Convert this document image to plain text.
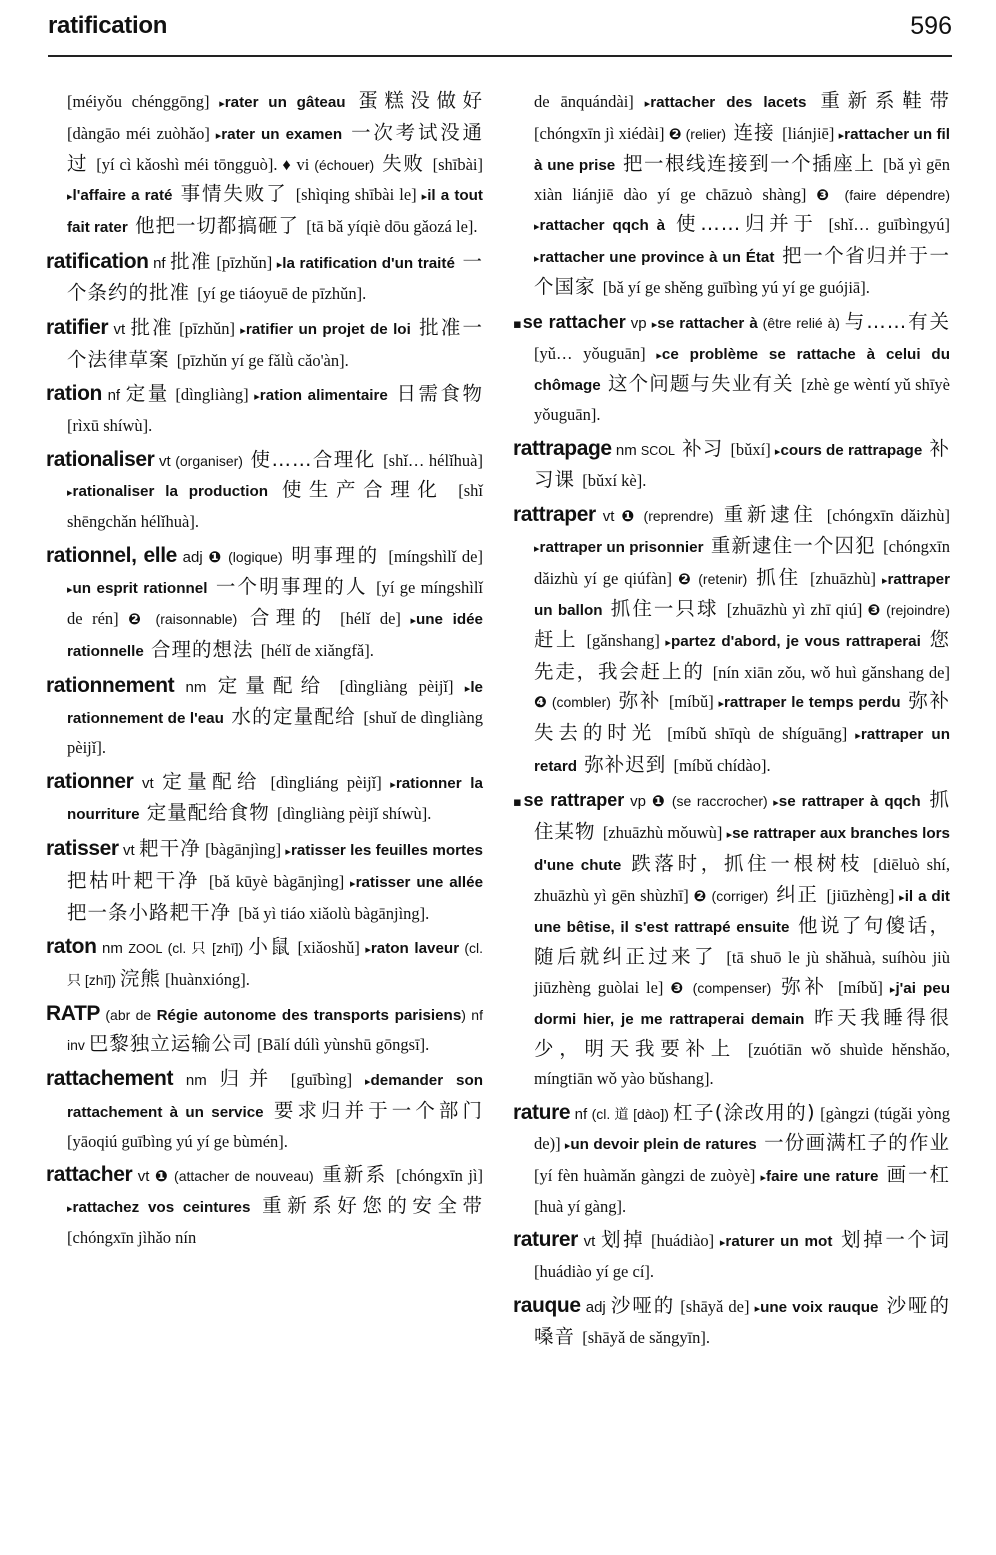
ratification	596

[méiyǒu chénggōng] ▸rater un gâteau 蛋糕没做好 [dàngāo méi zuòhǎo] ▸rater un examen 一次考试没通过 [yí cì kǎoshì méi tōngguò]. ♦ vi (échouer) 失败 [shībài] ▸l'affaire a raté 事情失败了 [shìqing shībài le] ▸il a tout fait rater 他把一切都搞砸了 [tā bǎ yíqiè dōu gǎozá le].

ratification nf 批准 [pīzhǔn] ▸la ratification d'un traité 一个条约的批准 [yí ge tiáoyuē de pīzhǔn].

ratifier vt 批准 [pīzhǔn] ▸ratifier un projet de loi 批准一个法律草案 [pīzhǔn yí ge fǎlǜ cǎo'àn].

ration nf 定量 [dìngliàng] ▸ration alimentaire 日需食物 [rìxū shíwù].

rationaliser vt (organiser) 使……合理化 [shǐ… hélǐhuà] ▸rationaliser la production 使生产合理化 [shǐ shēngchǎn hélǐhuà].

rationnel, elle adj ❶ (logique) 明事理的 [míngshìlǐ de] ▸un esprit rationnel 一个明事理的人 [yí ge míngshìlǐ de rén] ❷ (raisonnable) 合理的 [hélǐ de] ▸une idée rationnelle 合理的想法 [hélǐ de xiǎngfǎ].

rationnement nm 定量配给 [dìngliàng pèijǐ] ▸le rationnement de l'eau 水的定量配给 [shuǐ de dìngliàng pèijǐ].

rationner vt 定量配给 [dìngliáng pèijǐ] ▸rationner la nourriture 定量配给食物 [dìngliàng pèijǐ shíwù].

ratisser vt 耙干净 [bàgānjìng] ▸ratisser les feuilles mortes 把枯叶耙干净 [bǎ kūyè bàgānjìng] ▸ratisser une allée 把一条小路耙干净 [bǎ yì tiáo xiǎolù bàgānjìng].

raton nm ZOOL (cl. 只 [zhī]) 小鼠 [xiǎoshǔ] ▸raton laveur (cl. 只 [zhī]) 浣熊 [huànxióng].

RATP (abr de Régie autonome des transports parisiens) nf inv 巴黎独立运输公司 [Bālí dúlì yùnshū gōngsī].

rattachement nm 归并 [guībìng] ▸demander son rattachement à un service 要求归并于一个部门 [yāoqiú guībìng yú yí ge bùmén].

rattacher vt ❶ (attacher de nouveau) 重新系 [chóngxīn jì] ▸rattachez vos ceintures 重新系好您的安全带 [chóngxīn jìhǎo nín

de ānquándài] ▸rattacher des lacets 重新系鞋带 [chóngxīn jì xiédài] ❷ (relier) 连接 [liánjiē] ▸rattacher un fil à une prise 把一根线连接到一个插座上 [bǎ yì gēn xiàn liánjiē dào yí ge chāzuò shàng] ❸ (faire dépendre) ▸rattacher qqch à 使……归并于 [shǐ… guībìngyú] ▸rattacher une province à un État 把一个省归并于一个国家 [bǎ yí ge shěng guībìng yú yí ge guójiā].

▪se rattacher vp ▸se rattacher à (être relié à) 与……有关 [yǔ… yǒuguān] ▸ce problème se rattache à celui du chômage 这个问题与失业有关 [zhè ge wèntí yǔ shīyè yǒuguān].

rattrapage nm SCOL 补习 [bǔxí] ▸cours de rattrapage 补习课 [bǔxí kè].

rattraper vt ❶ (reprendre) 重新逮住 [chóngxīn dǎizhù] ▸rattraper un prisonnier 重新逮住一个囚犯 [chóngxīn dǎizhù yí ge qiúfàn] ❷ (retenir) 抓住 [zhuāzhù] ▸rattraper un ballon 抓住一只球 [zhuāzhù yì zhī qiú] ❸ (rejoindre) 赶上 [gǎnshang] ▸partez d'abord, je vous rattraperai 您先走，我会赶上的 [nín xiān zǒu, wǒ huì gǎnshang de] ❹ (combler) 弥补 [míbǔ] ▸rattraper le temps perdu 弥补失去的时光 [míbǔ shīqù de shíguāng] ▸rattraper un retard 弥补迟到 [míbǔ chídào].

▪se rattraper vp ❶ (se raccrocher) ▸se rattraper à qqch 抓住某物 [zhuāzhù mǒuwù] ▸se rattraper aux branches lors d'une chute 跌落时，抓住一根树枝 [diēluò shí, zhuāzhù yì gēn shùzhī] ❷ (corriger) 纠正 [jiūzhèng] ▸il a dit une bêtise, il s'est rattrapé ensuite 他说了句傻话，随后就纠正过来了 [tā shuō le jù shǎhuà, suíhòu jiù jiūzhèng guòlai le] ❸ (compenser) 弥补 [míbǔ] ▸j'ai peu dormi hier, je me rattraperai demain 昨天我睡得很少，明天我要补上 [zuótiān wǒ shuìde hěnshǎo, míngtiān wǒ yào bǔshang].

rature nf (cl. 道 [dào]) 杠子(涂改用的) [gàngzi (túgǎi yòng de)] ▸un devoir plein de ratures 一份画满杠子的作业 [yí fèn huàmǎn gàngzi de zuòyè] ▸faire une rature 画一杠 [huà yí gàng].

raturer vt 划掉 [huádiào] ▸raturer un mot 划掉一个词 [huádiào yí ge cí].

rauque adj 沙哑的 [shāyǎ de] ▸une voix rauque 沙哑的嗓音 [shāyǎ de sǎngyīn].
